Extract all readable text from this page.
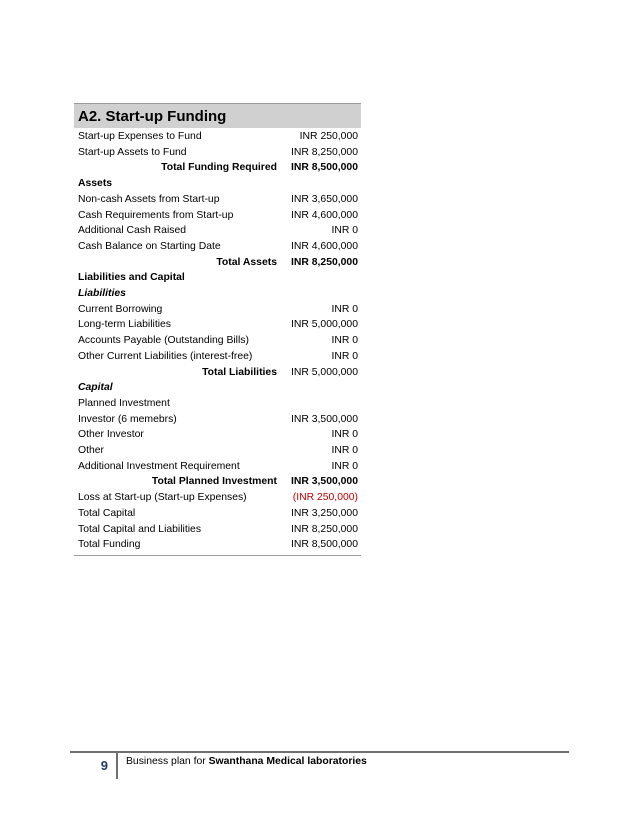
A2. Start-up Funding
Start-up Expenses to Fund	INR 250,000
Start-up Assets to Fund	INR 8,250,000
Total Funding Required	INR 8,500,000
Assets
Non-cash Assets from Start-up	INR 3,650,000
Cash Requirements from Start-up	INR 4,600,000
Additional Cash Raised	INR 0
Cash Balance on Starting Date	INR 4,600,000
Total Assets	INR 8,250,000
Liabilities and Capital
Liabilities
Current Borrowing	INR 0
Long-term Liabilities	INR 5,000,000
Accounts Payable (Outstanding Bills)	INR 0
Other Current Liabilities (interest-free)	INR 0
Total Liabilities	INR 5,000,000
Capital
Planned Investment
Investor (6 memebrs)	INR 3,500,000
Other Investor	INR 0
Other	INR 0
Additional Investment Requirement	INR 0
Total Planned Investment	INR 3,500,000
Loss at Start-up (Start-up Expenses)	(INR 250,000)
Total Capital	INR 3,250,000
Total Capital and Liabilities	INR 8,250,000
Total Funding	INR 8,500,000
9 Business plan for Swanthana Medical laboratories
